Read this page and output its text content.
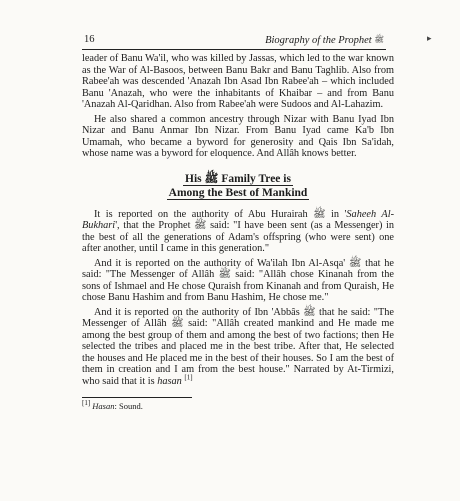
16	Biography of the Prophet ﷺ	▸

leader of Banu Wa'il, who was killed by Jassas, which led to the war known as the War of Al-Basoos, between Banu Bakr and Banu Taghlib. Also from Rabee'ah was descended 'Anazah Ibn Asad Ibn Rabee'ah – which included Banu 'Anazah, who were the inhabitants of Khaibar – and from Banu 'Anazah Al-Qaridhan. Also from Rabee'ah were Sudoos and Al-Lahazim.

He also shared a common ancestry through Nizar with Banu Iyad Ibn Nizar and Banu Anmar Ibn Nizar. From Banu Iyad came Ka'b Ibn Umamah, who became a byword for generosity and Qais Ibn Sa'idah, whose name was a byword for eloquence. And Allâh knows better.

His ﷺ Family Tree is
Among the Best of Mankind

It is reported on the authority of Abu Hurairah ﷺ in 'Saheeh Al-Bukhari', that the Prophet ﷺ said: "I have been sent (as a Messenger) in the best of all the generations of Adam's offspring (who were sent) one after another, until I came in this generation."

And it is reported on the authority of Wa'ilah Ibn Al-Asqa' ﷺ that he said: "The Messenger of Allâh ﷺ said: "Allâh chose Kinanah from the sons of Ishmael and He chose Quraish from Kinanah and from Quraish, He chose Banu Hashim and from Banu Hashim, He chose me."

And it is reported on the authority of Ibn 'Abbâs ﷺ that he said: "The Messenger of Allâh ﷺ said: "Allâh created mankind and He made me among the best group of them and among the best of two factions; then He selected the tribes and placed me in the best tribe. After that, He selected the houses and He placed me in the best of their houses. So I am the best of them in creation and I am from the best house." Narrated by At-Tirmizi, who said that it is hasan [1]

[1] Hasan: Sound.
